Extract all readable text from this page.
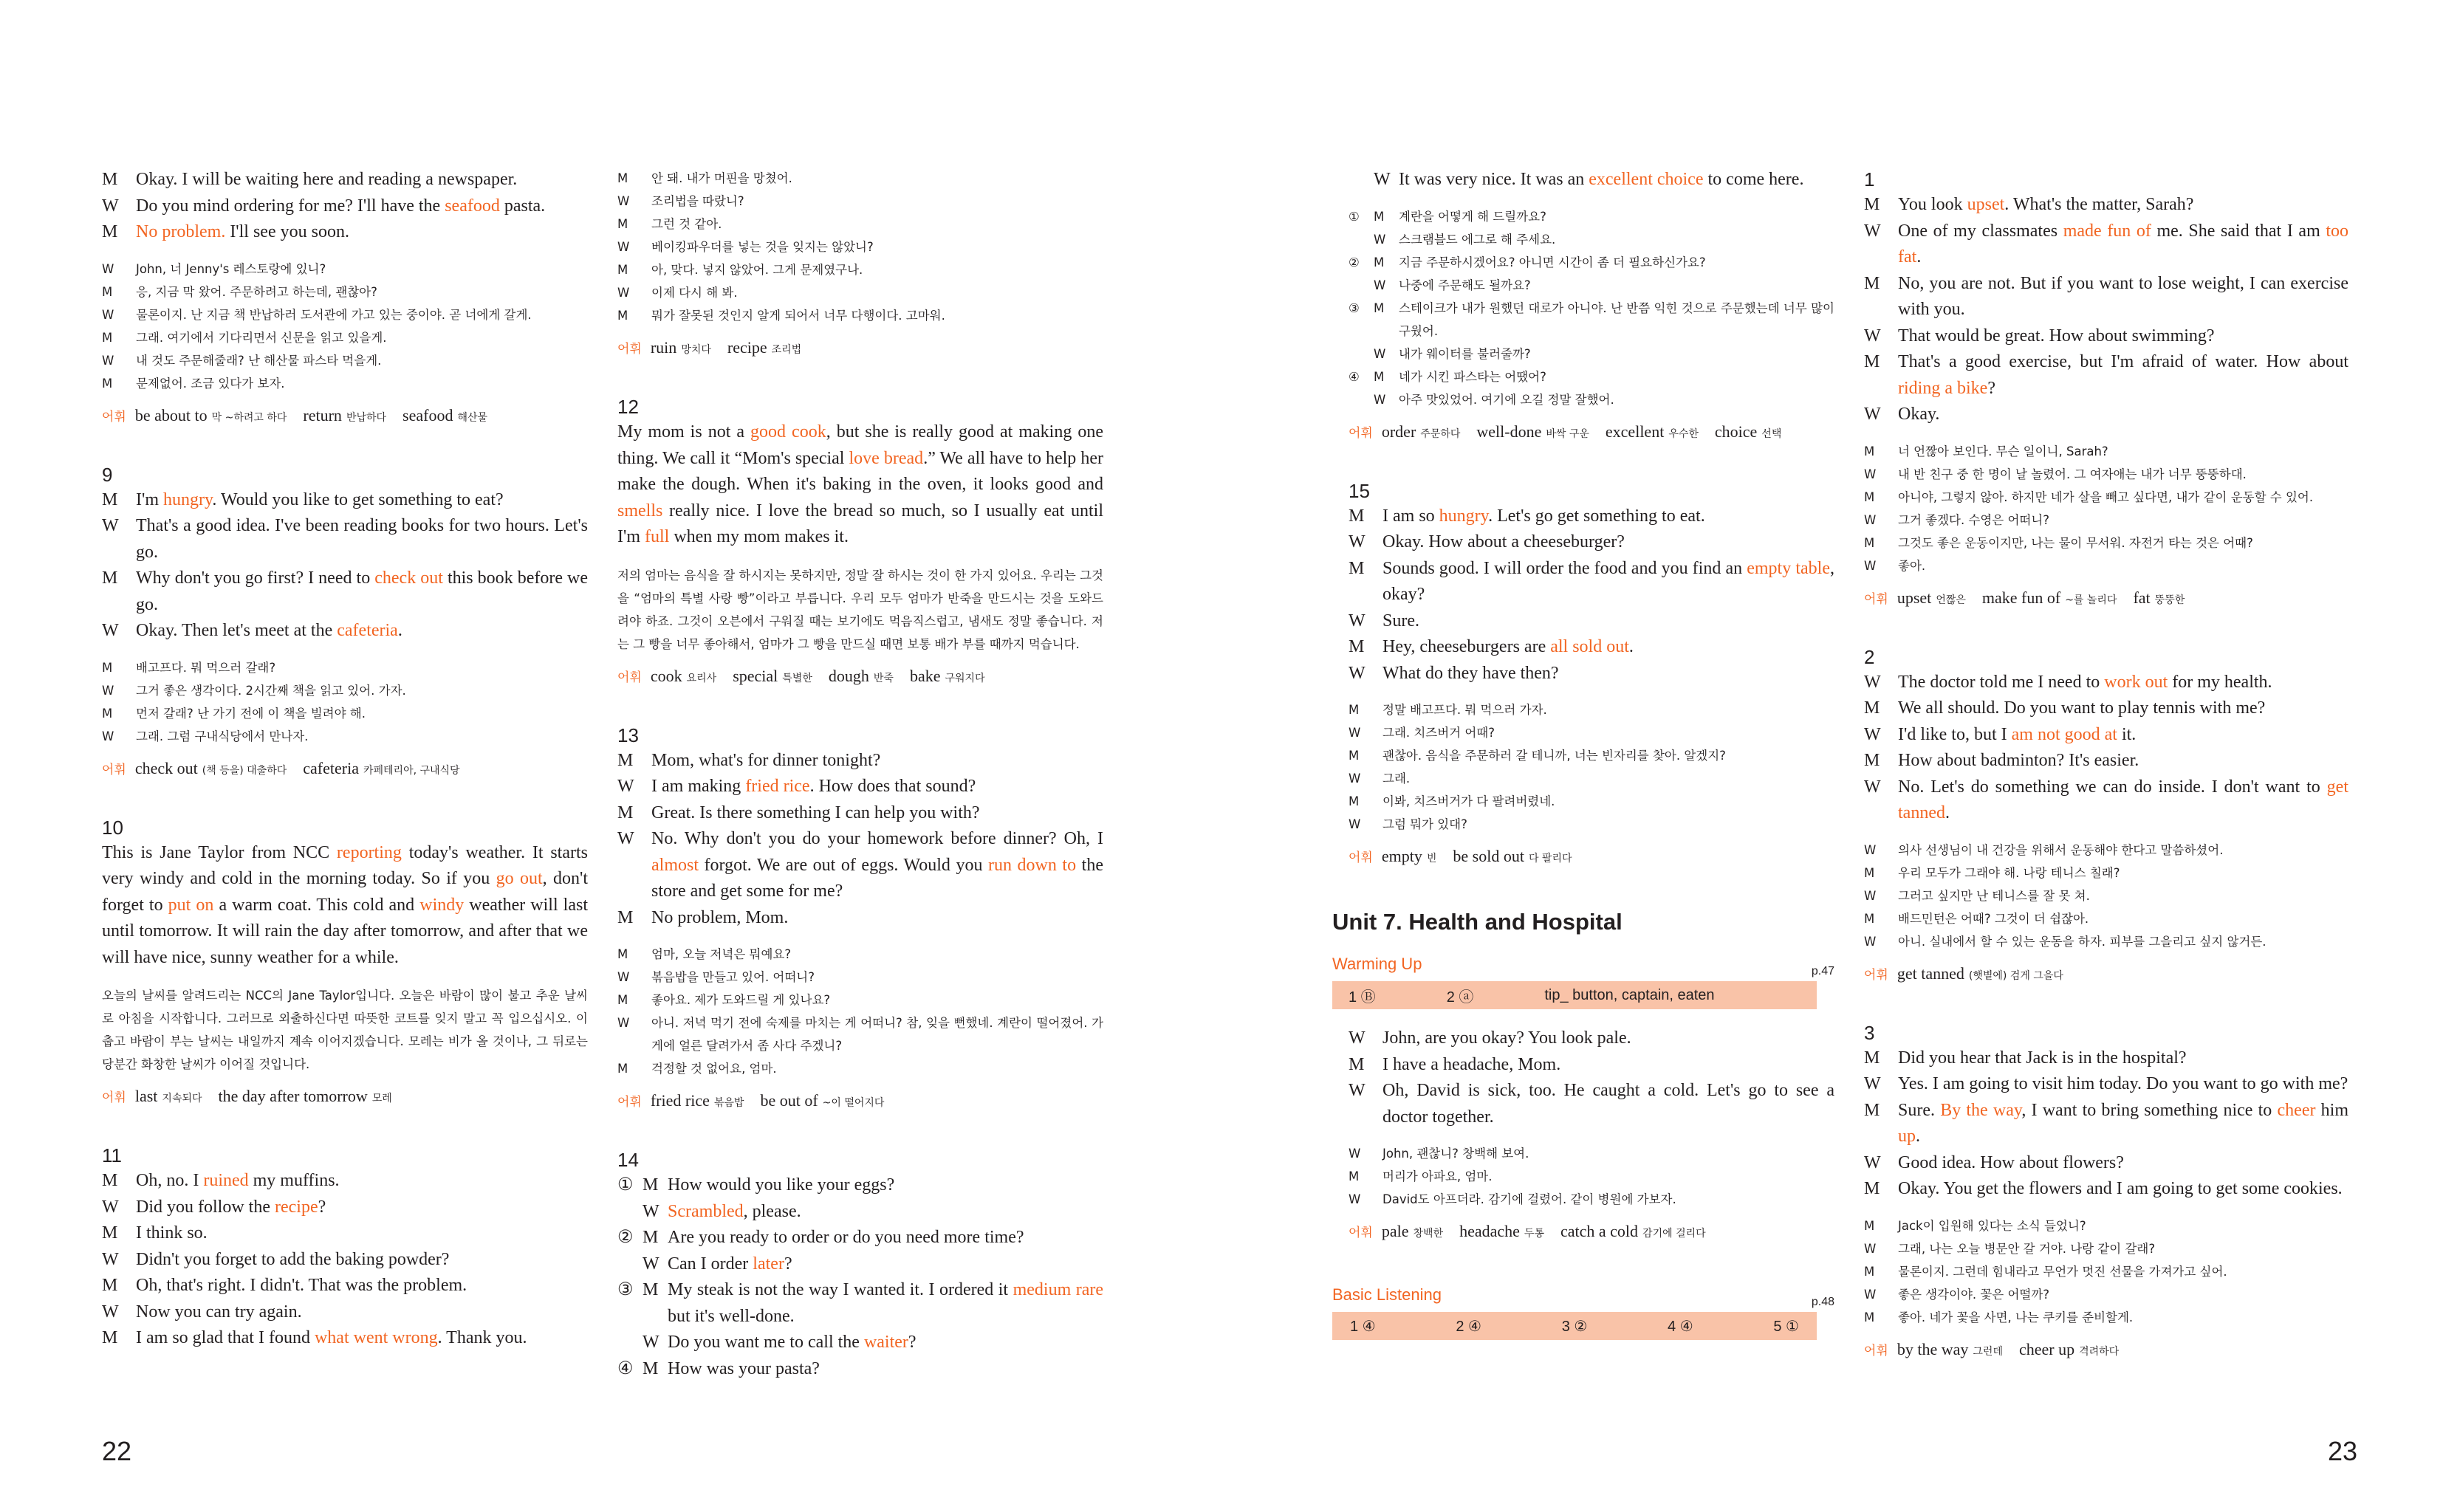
M	Okay. I will be waiting here and reading a newspaper.
W Do you mind ordering for me? I'll have the seafood pasta.
M	No problem. I'll see you soon.
W	John, 너 Jenny's 레스토랑에 있니?
M	응, 지금 막 왔어. 주문하려고 하는데, 괜찮아?
W	물론이지. 난 지금 책 반납하러 도서관에 가고 있는 중이야. 곧 너에게 갈게.
M	그래. 여기에서 기다리면서 신문을 읽고 있을게.
W	내 것도 주문해줄래? 난 해산물 파스타 먹을게.
M	문제없어. 조금 있다가 보자.
어휘 be about to 막 ~하려고 하다 return 반납하다 seafood 해산물
9
M	I'm hungry. Would you like to get something to eat?
W That's a good idea. I've been reading books for two hours. Let's go.
M	Why don't you go first? I need to check out this book before we go.
W Okay. Then let's meet at the cafeteria.
M	배고프다. 뭐 먹으러 갈래?
W	그거 좋은 생각이다. 2시간째 책을 읽고 있어. 가자.
M	먼저 갈래? 난 가기 전에 이 책을 빌려야 해.
W	그래. 그럼 구내식당에서 만나자.
어휘 check out (책 등을) 대출하다 cafeteria 카페테리아, 구내식당
10
This is Jane Taylor from NCC reporting today's weather. It starts very windy and cold in the morning today. So if you go out, don't forget to put on a warm coat. This cold and windy weather will last until tomorrow. It will rain the day after tomorrow, and after that we will have nice, sunny weather for a while.
오늘의 날씨를 알려드리는 NCC의 Jane Taylor입니다. 오늘은 바람이 많이 불고 추운 날씨로 아침을 시작합니다. 그러므로 외출하신다면 따뜻한 코트를 잊지 말고 꼭 입으십시오. 이 춥고 바람이 부는 날씨는 내일까지 계속 이어지겠습니다. 모레는 비가 올 것이나, 그 뒤로는 당분간 화창한 날씨가 이어질 것입니다.
어휘 last 지속되다 the day after tomorrow 모레
11
M	Oh, no. I ruined my muffins.
W Did you follow the recipe?
M	I think so.
W Didn't you forget to add the baking powder?
M	Oh, that's right. I didn't. That was the problem.
W Now you can try again.
M	I am so glad that I found what went wrong. Thank you.
M	안 돼. 내가 머핀을 망쳤어.
W	조리법을 따랐니?
M	그런 것 같아.
W	베이킹파우더를 넣는 것을 잊지는 않았니?
M	아, 맞다. 넣지 않았어. 그게 문제였구나.
W	이제 다시 해 봐.
M	뭐가 잘못된 것인지 알게 되어서 너무 다행이다. 고마워.
어휘 ruin 망치다 recipe 조리법
12
My mom is not a good cook, but she is really good at making one thing. We call it “Mom's special love bread.” We all have to help her make the dough. When it's baking in the oven, it looks good and smells really nice. I love the bread so much, so I usually eat until I'm full when my mom makes it.
저의 엄마는 음식을 잘 하시지는 못하지만, 정말 잘 하시는 것이 한 가지 있어요. 우리는 그것을 “엄마의 특별 사랑 빵”이라고 부릅니다. 우리 모두 엄마가 반죽을 만드시는 것을 도와드려야 하죠. 그것이 오븐에서 구워질 때는 보기에도 먹음직스럽고, 냄새도 정말 좋습니다. 저는 그 빵을 너무 좋아해서, 엄마가 그 빵을 만드실 때면 보통 배가 부를 때까지 먹습니다.
어휘 cook 요리사 special 특별한 dough 반죽 bake 구워지다
13
M	Mom, what's for dinner tonight?
W I am making fried rice. How does that sound?
M	Great. Is there something I can help you with?
W No. Why don't you do your homework before dinner? Oh, I almost forgot. We are out of eggs. Would you run down to the store and get some for me?
M	No problem, Mom.
M	엄마, 오늘 저녁은 뭐예요?
W	볶음밥을 만들고 있어. 어떠니?
M	좋아요. 제가 도와드릴 게 있나요?
W	아니. 저녁 먹기 전에 숙제를 마치는 게 어떠니? 참, 잊을 뻔했네. 계란이 떨어졌어. 가게에 얼른 달려가서 좀 사다 주겠니?
M	걱정할 것 없어요, 엄마.
어휘 fried rice 볶음밥 be out of ~이 떨어지다
14
① M How would you like your eggs?
W Scrambled, please.
② M Are you ready to order or do you need more time?
W Can I order later?
③ M My steak is not the way I wanted it. I ordered it medium rare but it's well-done.
W Do you want me to call the waiter?
④ M How was your pasta?
W It was very nice. It was an excellent choice to come here.
①	M	계란을 어떻게 해 드릴까요?
W	스크램블드 에그로 해 주세요.
②	M	지금 주문하시겠어요? 아니면 시간이 좀 더 필요하신가요?
W	나중에 주문해도 될까요?
③	M	스테이크가 내가 원했던 대로가 아니야. 난 반쯤 익힌 것으로 주문했는데 너무 많이 구웠어.
W	내가 웨이터를 불러줄까?
④	M	네가 시킨 파스타는 어땠어?
W	아주 맛있었어. 여기에 오길 정말 잘했어.
어휘 order 주문하다 well-done 바싹 구운 excellent 우수한 choice 선택
15
M	I am so hungry. Let's go get something to eat.
W Okay. How about a cheeseburger?
M	Sounds good. I will order the food and you find an empty table, okay?
W Sure.
M	Hey, cheeseburgers are all sold out.
W What do they have then?
M	정말 배고프다. 뭐 먹으러 가자.
W	그래. 치즈버거 어때?
M	괜찮아. 음식을 주문하러 갈 테니까, 너는 빈자리를 찾아. 알겠지?
W	그래.
M	이봐, 치즈버거가 다 팔려버렸네.
W	그럼 뭐가 있대?
어휘 empty 빈 be sold out 다 팔리다
Unit 7. Health and Hospital
Warming Up	p.47
1 Ⓑ	2 ⓐ	tip_ button, captain, eaten
W John, are you okay? You look pale.
M	I have a headache, Mom.
W Oh, David is sick, too. He caught a cold. Let's go to see a doctor together.
W	John, 괜찮니? 창백해 보여.
M	머리가 아파요, 엄마.
W	David도 아프더라. 감기에 걸렸어. 같이 병원에 가보자.
어휘 pale 창백한 headache 두통 catch a cold 감기에 걸리다
Basic Listening	p.48
1 ④	2 ④	3 ②	4 ④	5 ①
1
M	You look upset. What's the matter, Sarah?
W One of my classmates made fun of me. She said that I am too fat.
M	No, you are not. But if you want to lose weight, I can exercise with you.
W That would be great. How about swimming?
M	That's a good exercise, but I'm afraid of water. How about riding a bike?
W Okay.
M	너 언짢아 보인다. 무슨 일이니, Sarah?
W	내 반 친구 중 한 명이 날 놀렸어. 그 여자애는 내가 너무 뚱뚱하대.
M	아니야, 그렇지 않아. 하지만 네가 살을 빼고 싶다면, 내가 같이 운동할 수 있어.
W	그거 좋겠다. 수영은 어떠니?
M	그것도 좋은 운동이지만, 나는 물이 무서워. 자전거 타는 것은 어때?
W	좋아.
어휘 upset 언짢은 make fun of ~를 놀리다 fat 뚱뚱한
2
W The doctor told me I need to work out for my health.
M	We all should. Do you want to play tennis with me?
W I'd like to, but I am not good at it.
M	How about badminton? It's easier.
W No. Let's do something we can do inside. I don't want to get tanned.
W	의사 선생님이 내 건강을 위해서 운동해야 한다고 말씀하셨어.
M	우리 모두가 그래야 해. 나랑 테니스 칠래?
W	그러고 싶지만 난 테니스를 잘 못 쳐.
M	배드민턴은 어때? 그것이 더 쉽잖아.
W	아니. 실내에서 할 수 있는 운동을 하자. 피부를 그을리고 싶지 않거든.
어휘 get tanned (햇볕에) 검게 그을다
3
M	Did you hear that Jack is in the hospital?
W Yes. I am going to visit him today. Do you want to go with me?
M	Sure. By the way, I want to bring something nice to cheer him up.
W Good idea. How about flowers?
M	Okay. You get the flowers and I am going to get some cookies.
M	Jack이 입원해 있다는 소식 들었니?
W	그래, 나는 오늘 병문안 갈 거야. 나랑 같이 갈래?
M	물론이지. 그런데 힘내라고 무언가 멋진 선물을 가져가고 싶어.
W	좋은 생각이야. 꽃은 어떨까?
M	좋아. 네가 꽃을 사면, 나는 쿠키를 준비할게.
어휘 by the way 그런데 cheer up 격려하다
22	23
